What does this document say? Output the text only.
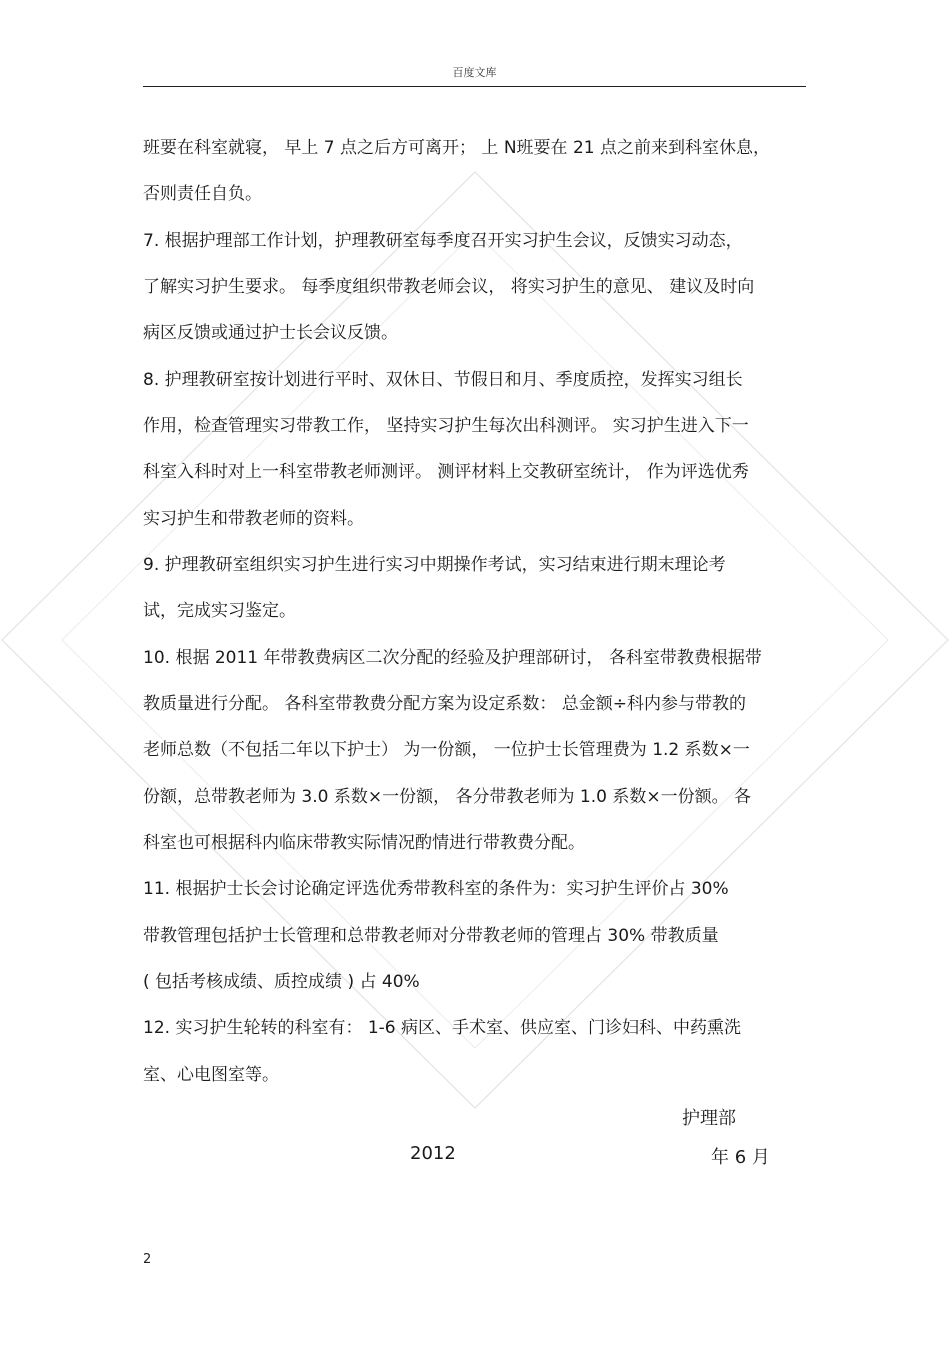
百度文库
班要在科室就寝， 早上 7 点之后方可离开； 上 N班要在 21 点之前来到科室休息，
否则责任自负。
7. 根据护理部工作计划，护理教研室每季度召开实习护生会议，反馈实习动态，
了解实习护生要求。 每季度组织带教老师会议， 将实习护生的意见、 建议及时向
病区反馈或通过护士长会议反馈。
8. 护理教研室按计划进行平时、双休日、节假日和月、季度质控，发挥实习组长
作用，检查管理实习带教工作， 坚持实习护生每次出科测评。 实习护生进入下一
科室入科时对上一科室带教老师测评。 测评材料上交教研室统计， 作为评选优秀
实习护生和带教老师的资料。
9. 护理教研室组织实习护生进行实习中期操作考试，实习结束进行期末理论考
试，完成实习鉴定。
10. 根据 2011 年带教费病区二次分配的经验及护理部研讨， 各科室带教费根据带
教质量进行分配。 各科室带教费分配方案为设定系数： 总金额÷科内参与带教的
老师总数（不包括二年以下护士） 为一份额， 一位护士长管理费为 1.2 系数×一
份额，总带教老师为 3.0 系数×一份额， 各分带教老师为 1.0 系数×一份额。 各
科室也可根据科内临床带教实际情况酌情进行带教费分配。
11. 根据护士长会讨论确定评选优秀带教科室的条件为：实习护生评价占 30%
带教管理包括护士长管理和总带教老师对分带教老师的管理占 30% 带教质量
( 包括考核成绩、质控成绩 ) 占 40%
12. 实习护生轮转的科室有： 1-6 病区、手术室、供应室、门诊妇科、中药熏洗
室、心电图室等。
护理部
2012	年 6 月
2
